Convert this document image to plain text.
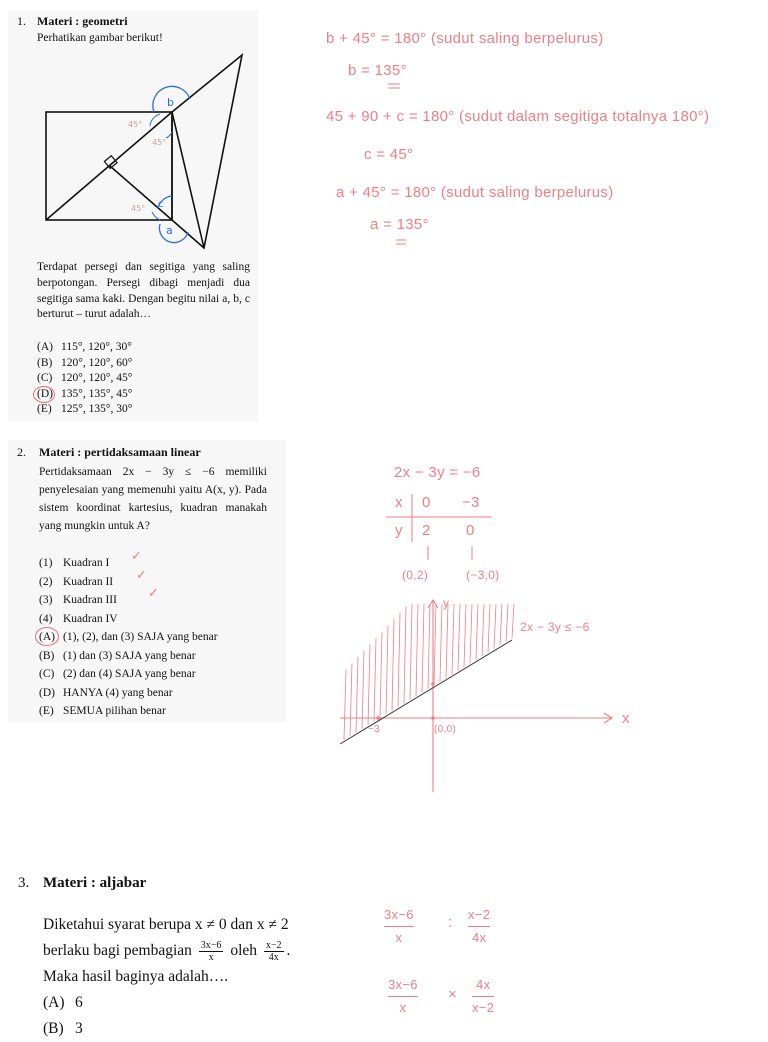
1. Materi : geometri
Perhatikan gambar berikut!
b
c
a
45°
45°
45°
Terdapat persegi dan segitiga yang saling berpotongan. Persegi dibagi menjadi dua segitiga sama kaki. Dengan begitu nilai a, b, c berturut – turut adalah…
(A) 115°, 120°, 30°
(B) 120°, 120°, 60°
(C) 120°, 120°, 45°
(D) 135°, 135°, 45°
(E) 125°, 135°, 30°
b + 45° = 180° (sudut saling berpelurus)
b = 135°
45 + 90 + c = 180° (sudut dalam segitiga totalnya 180°)
c = 45°
a + 45° = 180° (sudut saling berpelurus)
a = 135°
2. Materi : pertidaksamaan linear
Pertidaksamaan 2x − 3y ≤ −6 memiliki penyelesaian yang memenuhi yaitu A(x, y). Pada sistem koordinat kartesius, kuadran manakah yang mungkin untuk A?
(1) Kuadran I
(2) Kuadran II
(3) Kuadran III
(4) Kuadran IV
✓
✓
✓
(A) (1), (2), dan (3) SAJA yang benar
(B) (1) dan (3) SAJA yang benar
(C) (2) dan (4) SAJA yang benar
(D) HANYA (4) yang benar
(E) SEMUA pilihan benar
2x − 3y = −6
x 0 −3
y 2 0
(0,2)	(−3,0)
y
x
2x − 3y ≤ −6
−3	(0,0)
3. Materi : aljabar
Diketahui syarat berupa x ≠ 0 dan x ≠ 2
berlaku bagi pembagian $\frac{3x-6}{x}$ oleh $\frac{x-2}{4x}$ .
Maka hasil baginya adalah….
(A) 6
(B) 3
3x−6
x
: x−2
4x
3x−6
x
×
4x
x−2
